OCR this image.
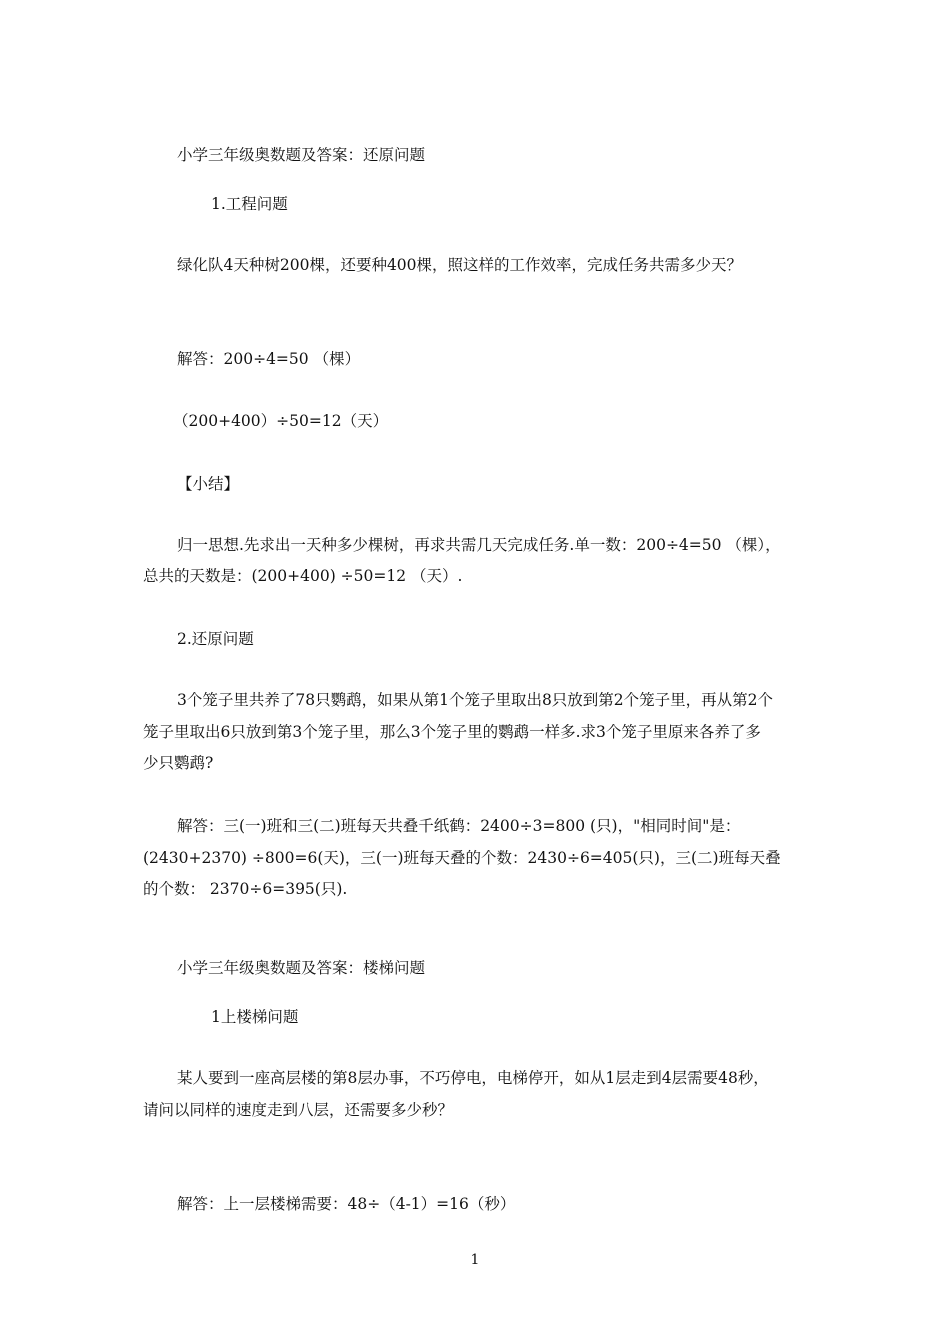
小学三年级奥数题及答案：还原问题

1.工程问题

绿化队4天种树200棵，还要种400棵，照这样的工作效率，完成任务共需多少天？

解答：200÷4=50 （棵）

（200+400）÷50=12（天）

【小结】

归一思想.先求出一天种多少棵树，再求共需几天完成任务.单一数：200÷4=50 （棵），

总共的天数是：(200+400) ÷50=12 （天）.

2.还原问题

3个笼子里共养了78只鹦鹉，如果从第1个笼子里取出8只放到第2个笼子里，再从第2个

笼子里取出6只放到第3个笼子里，那么3个笼子里的鹦鹉一样多.求3个笼子里原来各养了多

少只鹦鹉?

解答：三(一)班和三(二)班每天共叠千纸鹤：2400÷3=800 (只)，"相同时间"是：

(2430+2370) ÷800=6(天)，三(一)班每天叠的个数：2430÷6=405(只)，三(二)班每天叠

的个数： 2370÷6=395(只).

小学三年级奥数题及答案：楼梯问题

1上楼梯问题

某人要到一座高层楼的第8层办事，不巧停电，电梯停开，如从1层走到4层需要48秒，

请问以同样的速度走到八层，还需要多少秒？

解答：上一层楼梯需要：48÷（4-1）=16（秒）

1
